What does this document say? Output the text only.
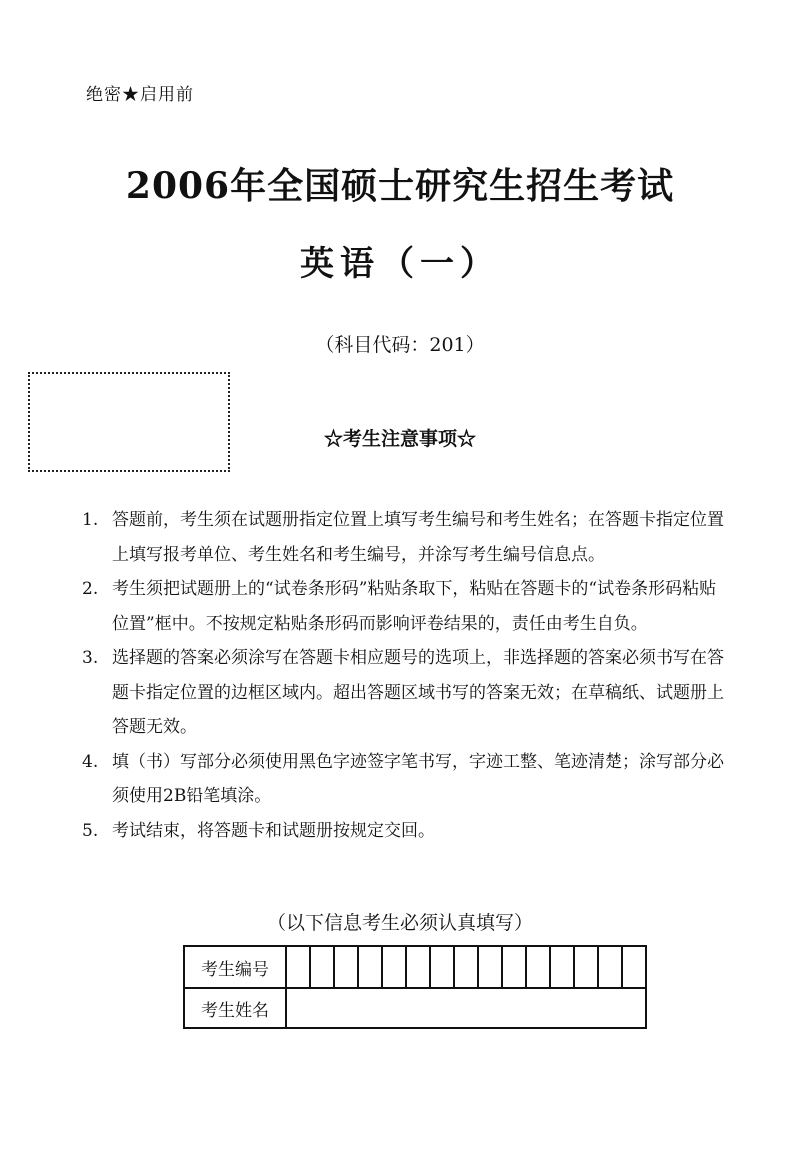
绝密★启用前
2006年全国硕士研究生招生考试
英语（一）
（科目代码：201）
☆考生注意事项☆
1. 答题前，考生须在试题册指定位置上填写考生编号和考生姓名；在答题卡指定位置上填写报考单位、考生姓名和考生编号，并涂写考生编号信息点。
2. 考生须把试题册上的“试卷条形码”粘贴条取下，粘贴在答题卡的“试卷条形码粘贴位置”框中。不按规定粘贴条形码而影响评卷结果的，责任由考生自负。
3. 选择题的答案必须涂写在答题卡相应题号的选项上，非选择题的答案必须书写在答题卡指定位置的边框区域内。超出答题区域书写的答案无效；在草稿纸、试题册上答题无效。
4. 填（书）写部分必须使用黑色字迹签字笔书写，字迹工整、笔迹清楚；涂写部分必须使用2B铅笔填涂。
5. 考试结束，将答题卡和试题册按规定交回。
（以下信息考生必须认真填写）
考生编号															
考生姓名															
